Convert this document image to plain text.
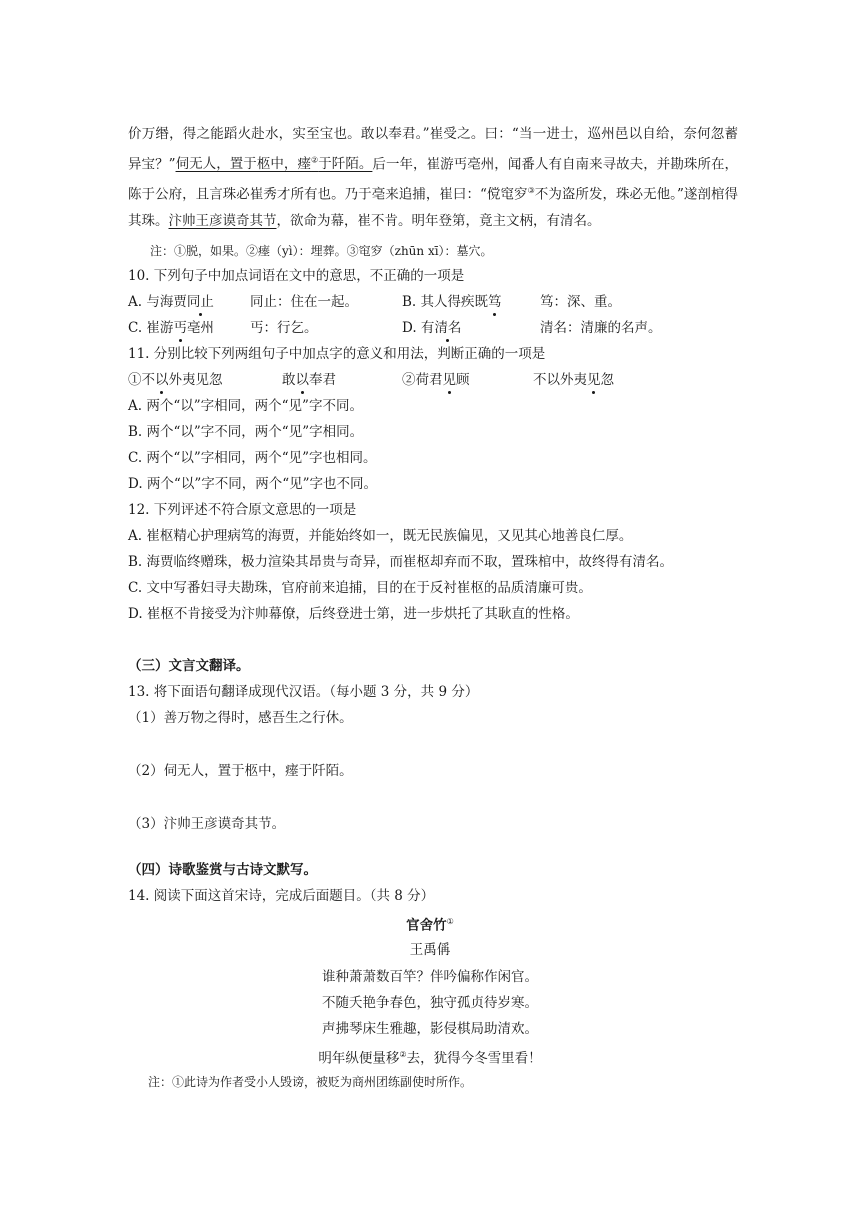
价万缗，得之能蹈火赴水，实至宝也。敢以奉君。”崔受之。曰：“当一进士，巡州邑以自给，奈何忽蓄异宝？”伺无人，置于柩中，瘗②于阡陌。后一年，崔游丐亳州，闻番人有自南来寻故夫，并勘珠所在，陈于公府，且言珠必崔秀才所有也。乃于亳来追捕，崔曰：“傥窀穸③不为盗所发，珠必无他。”遂剖棺得其珠。汴帅王彦谟奇其节，欲命为幕，崔不肯。明年登第，竟主文柄，有清名。
注：①脱，如果。②瘗（yì）：埋葬。③窀穸（zhūn xī）：墓穴。
10. 下列句子中加点词语在文中的意思，不正确的一项是
A. 与海贾同止	同止：住在一起。	B. 其人得疾既笃	笃：深、重。
C. 崔游丐亳州	丐：行乞。	D. 有清名	清名：清廉的名声。
11. 分别比较下列两组句子中加点字的意义和用法，判断正确的一项是
①不以外夷见忽	敢以奉君	②荷君见顾	不以外夷见忽
A. 两个“以”字相同，两个“见”字不同。
B. 两个“以”字不同，两个“见”字相同。
C. 两个“以”字相同，两个“见”字也相同。
D. 两个“以”字不同，两个“见”字也不同。
12. 下列评述不符合原文意思的一项是
A. 崔枢精心护理病笃的海贾，并能始终如一，既无民族偏见，又见其心地善良仁厚。
B. 海贾临终赠珠，极力渲染其昂贵与奇异，而崔枢却弃而不取，置珠棺中，故终得有清名。
C. 文中写番妇寻夫勘珠，官府前来追捕，目的在于反衬崔枢的品质清廉可贵。
D. 崔枢不肯接受为汴帅幕僚，后终登进士第，进一步烘托了其耿直的性格。
（三）文言文翻译。
13. 将下面语句翻译成现代汉语。（每小题 3 分，共 9 分）
（1）善万物之得时，感吾生之行休。
（2）伺无人，置于柩中，瘗于阡陌。
（3）汴帅王彦谟奇其节。
（四）诗歌鉴赏与古诗文默写。
14. 阅读下面这首宋诗，完成后面题目。（共 8 分）
官舍竹①
王禹偁
谁种萧萧数百竿？伴吟偏称作闲官。
不随夭艳争春色，独守孤贞待岁寒。
声拂琴床生雅趣，影侵棋局助清欢。
明年纵便量移②去，犹得今冬雪里看！
注：①此诗为作者受小人毁谤，被贬为商州团练副使时所作。
